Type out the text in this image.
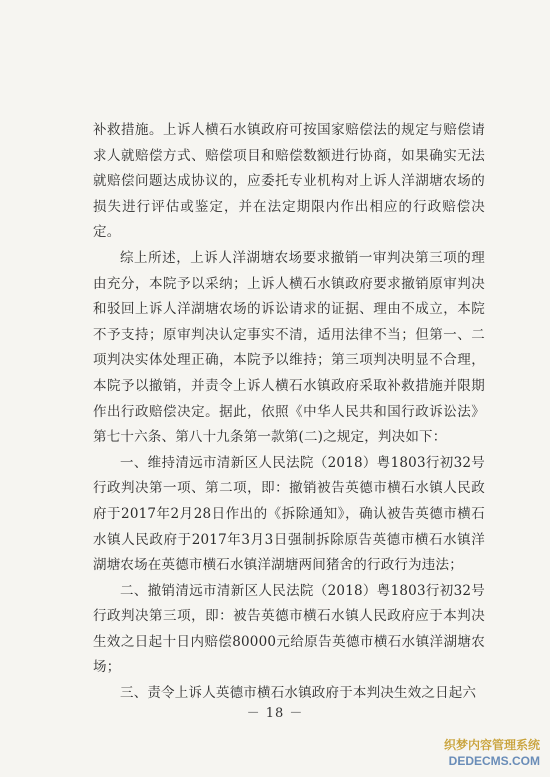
补救措施。上诉人横石水镇政府可按国家赔偿法的规定与赔偿请求人就赔偿方式、赔偿项目和赔偿数额进行协商，如果确实无法就赔偿问题达成协议的，应委托专业机构对上诉人洋湖塘农场的损失进行评估或鉴定，并在法定期限内作出相应的行政赔偿决定。

综上所述，上诉人洋湖塘农场要求撤销一审判决第三项的理由充分，本院予以采纳；上诉人横石水镇政府要求撤销原审判决和驳回上诉人洋湖塘农场的诉讼请求的证据、理由不成立，本院不予支持；原审判决认定事实不清，适用法律不当；但第一、二项判决实体处理正确，本院予以维持；第三项判决明显不合理，本院予以撤销，并责令上诉人横石水镇政府采取补救措施并限期作出行政赔偿决定。据此，依照《中华人民共和国行政诉讼法》第七十六条、第八十九条第一款第(二)之规定，判决如下：

一、维持清远市清新区人民法院（2018）粤1803行初32号行政判决第一项、第二项，即：撤销被告英德市横石水镇人民政府于2017年2月28日作出的《拆除通知》，确认被告英德市横石水镇人民政府于2017年3月3日强制拆除原告英德市横石水镇洋湖塘农场在英德市横石水镇洋湖塘两间猪舍的行政行为违法；

二、撤销清远市清新区人民法院（2018）粤1803行初32号行政判决第三项，即：被告英德市横石水镇人民政府应于本判决生效之日起十日内赔偿80000元给原告英德市横石水镇洋湖塘农场；

三、责令上诉人英德市横石水镇政府于本判决生效之日起六

－ 18 －
织梦内容管理系统
DEDECMS.COM
